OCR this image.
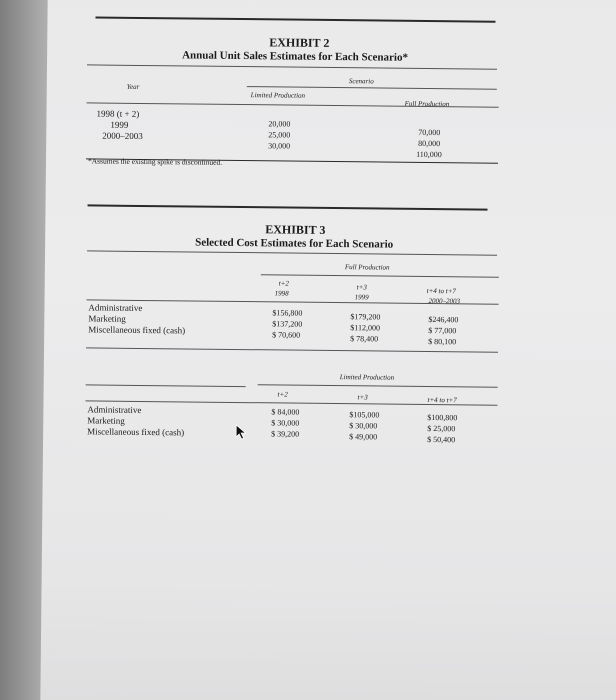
EXHIBIT 2
Annual Unit Sales Estimates for Each Scenario*
Scenario
Year
Limited Production
Full Production
1998 (t + 2)
1999
2000–2003
20,000
25,000
30,000
70,000
80,000
110,000
*Assumes the existing spike is discontinued.
EXHIBIT 3
Selected Cost Estimates for Each Scenario
Full Production
t+2
1998
t+3
1999
t+4 to t+7
2000–2003
Administrative
Marketing
Miscellaneous fixed (cash)
$156,800
$137,200
$ 70,600
$179,200
$112,000
$ 78,400
$246,400
$ 77,000
$ 80,100
Limited Production
t+2	t+3	t+4 to t+7
Administrative
Marketing
Miscellaneous fixed (cash)
$ 84,000
$ 30,000
$ 39,200
$105,000
$ 30,000
$ 49,000
$100,800
$ 25,000
$ 50,400
